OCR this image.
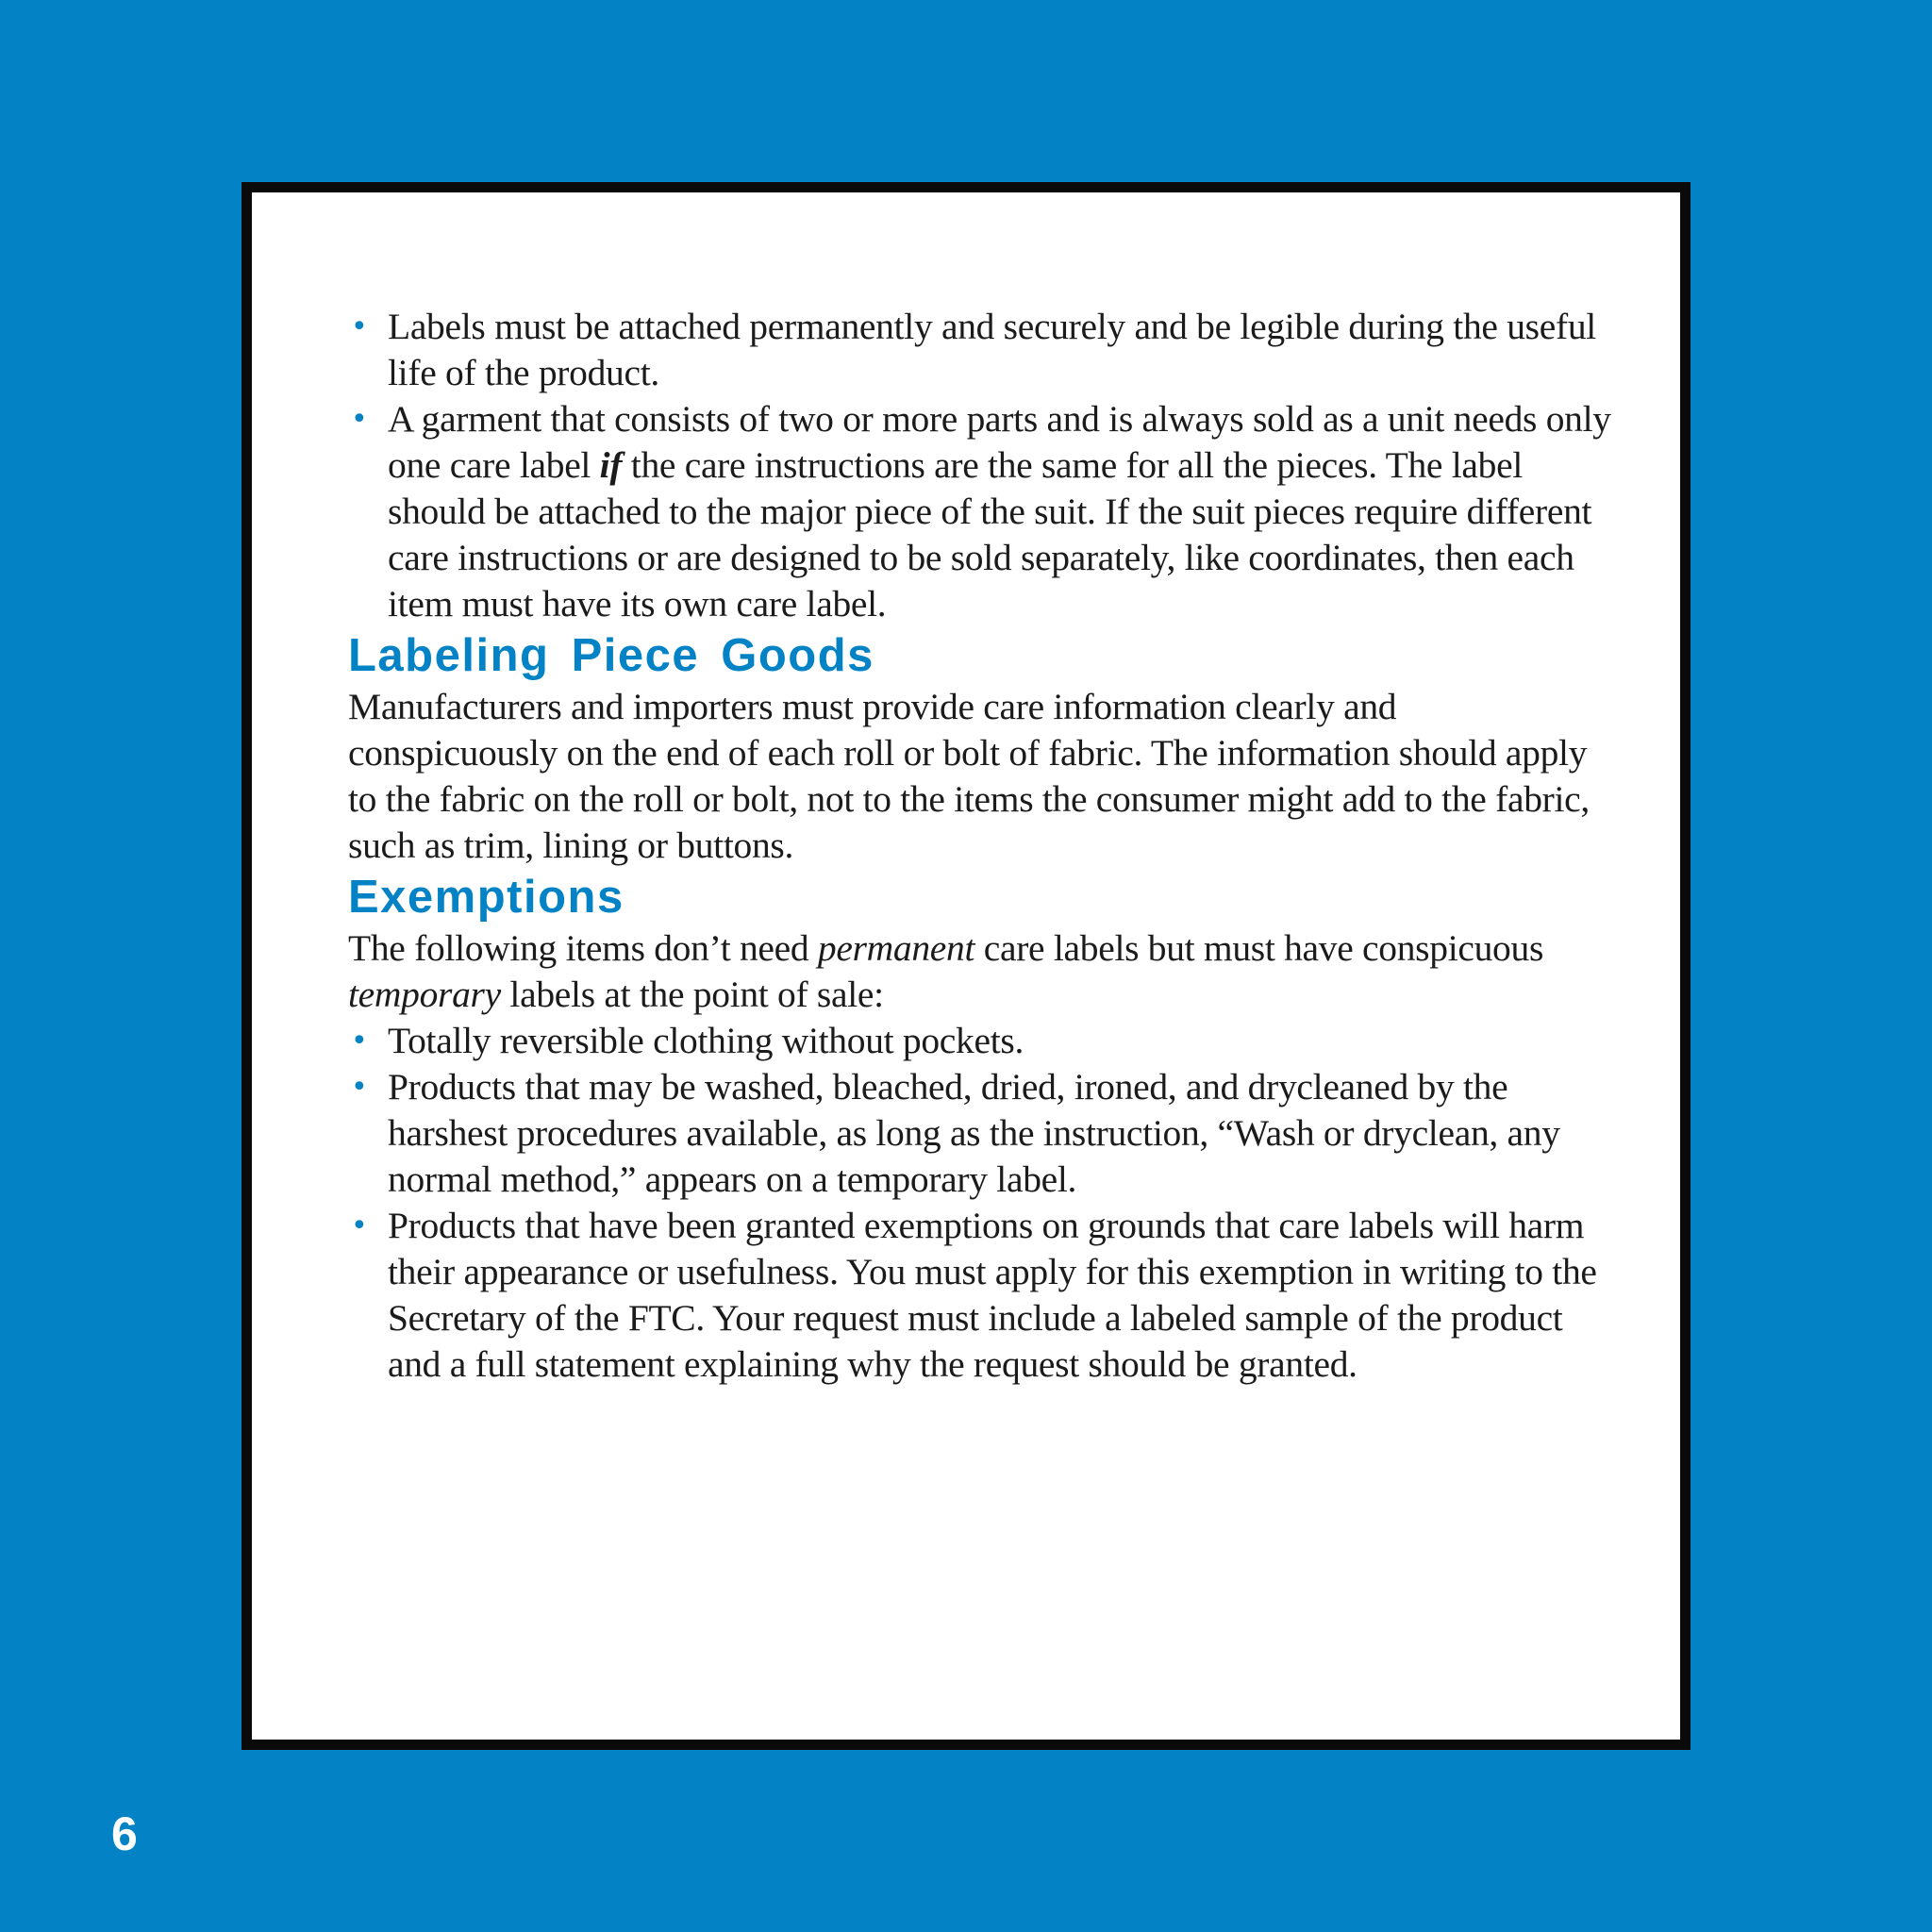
• Labels must be attached permanently and securely and be legible during the useful life of the product.
• A garment that consists of two or more parts and is always sold as a unit needs only one care label if the care instructions are the same for all the pieces. The label should be attached to the major piece of the suit. If the suit pieces require different care instructions or are designed to be sold separately, like coordinates, then each item must have its own care label.
Labeling Piece Goods

Manufacturers and importers must provide care information clearly and conspicuously on the end of each roll or bolt of fabric. The information should apply to the fabric on the roll or bolt, not to the items the consumer might add to the fabric, such as trim, lining or buttons.

Exemptions

The following items don’t need permanent care labels but must have conspicuous temporary labels at the point of sale:

• Totally reversible clothing without pockets.
• Products that may be washed, bleached, dried, ironed, and drycleaned by the harshest procedures available, as long as the instruction, “Wash or dryclean, any normal method,” appears on a temporary label.
• Products that have been granted exemptions on grounds that care labels will harm their appearance or usefulness. You must apply for this exemption in writing to the Secretary of the FTC. Your request must include a labeled sample of the product and a full statement explaining why the request should be granted.
6
